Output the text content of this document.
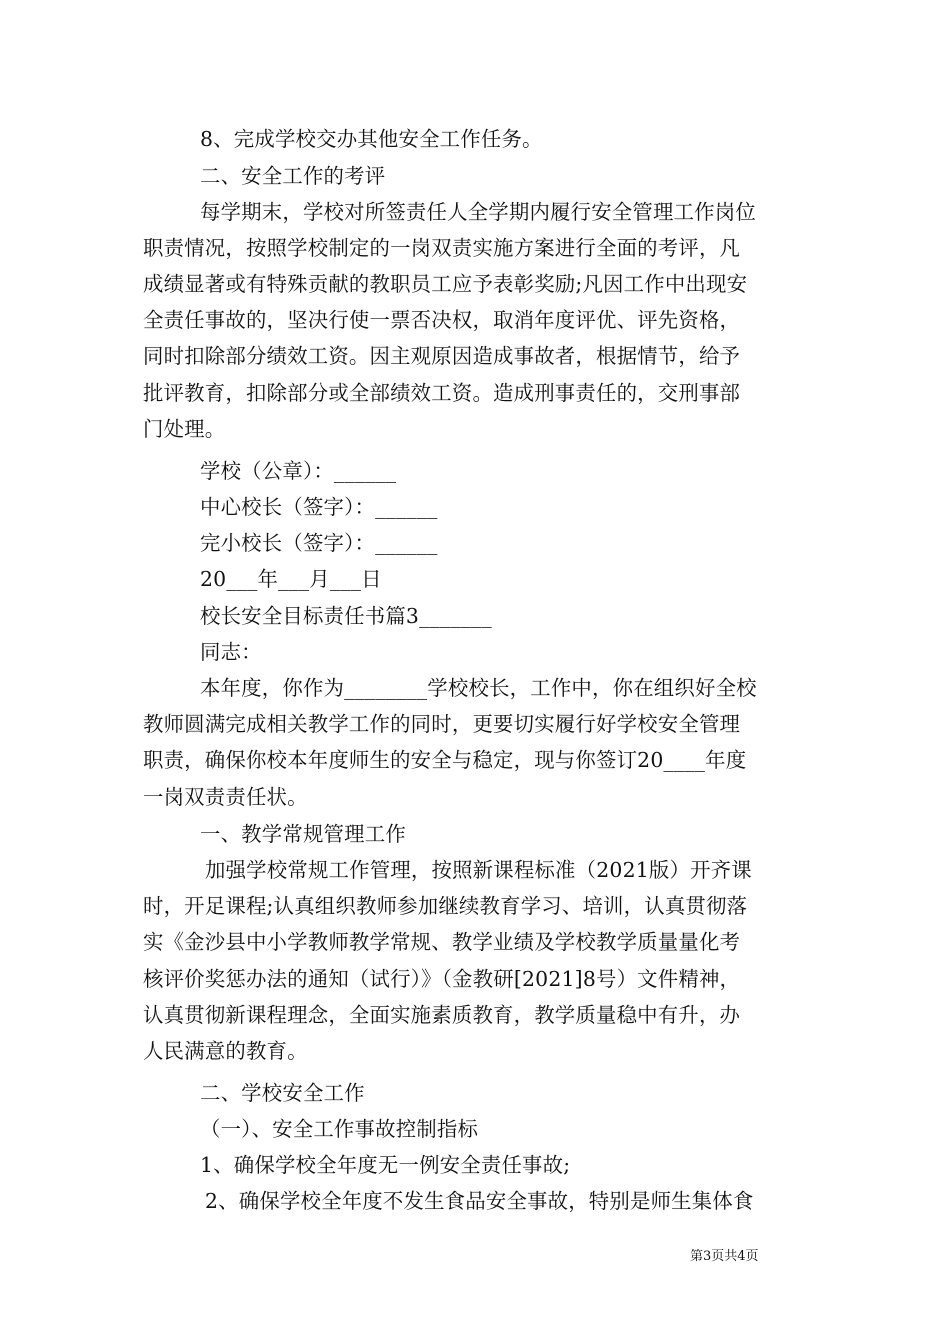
8、完成学校交办其他安全工作任务。
二、安全工作的考评
每学期末，学校对所签责任人全学期内履行安全管理工作岗位
职责情况，按照学校制定的一岗双责实施方案进行全面的考评，凡
成绩显著或有特殊贡献的教职员工应予表彰奖励;凡因工作中出现安
全责任事故的，坚决行使一票否决权，取消年度评优、评先资格，
同时扣除部分绩效工资。因主观原因造成事故者，根据情节，给予
批评教育，扣除部分或全部绩效工资。造成刑事责任的，交刑事部
门处理。
学校（公章）：______
中心校长（签字）：______
完小校长（签字）：______
20___年___月___日
校长安全目标责任书篇3_______
同志：
本年度，你作为________学校校长，工作中，你在组织好全校
教师圆满完成相关教学工作的同时，更要切实履行好学校安全管理
职责，确保你校本年度师生的安全与稳定，现与你签订20____年度
一岗双责责任状。
一、教学常规管理工作
加强学校常规工作管理，按照新课程标准（2021版）开齐课
时，开足课程;认真组织教师参加继续教育学习、培训，认真贯彻落
实《金沙县中小学教师教学常规、教学业绩及学校教学质量量化考
核评价奖惩办法的通知（试行）》（金教研[2021]8号）文件精神，
认真贯彻新课程理念，全面实施素质教育，教学质量稳中有升，办
人民满意的教育。
二、学校安全工作
（一）、安全工作事故控制指标
1、确保学校全年度无一例安全责任事故;
2、确保学校全年度不发生食品安全事故，特别是师生集体食
第3页共4页
